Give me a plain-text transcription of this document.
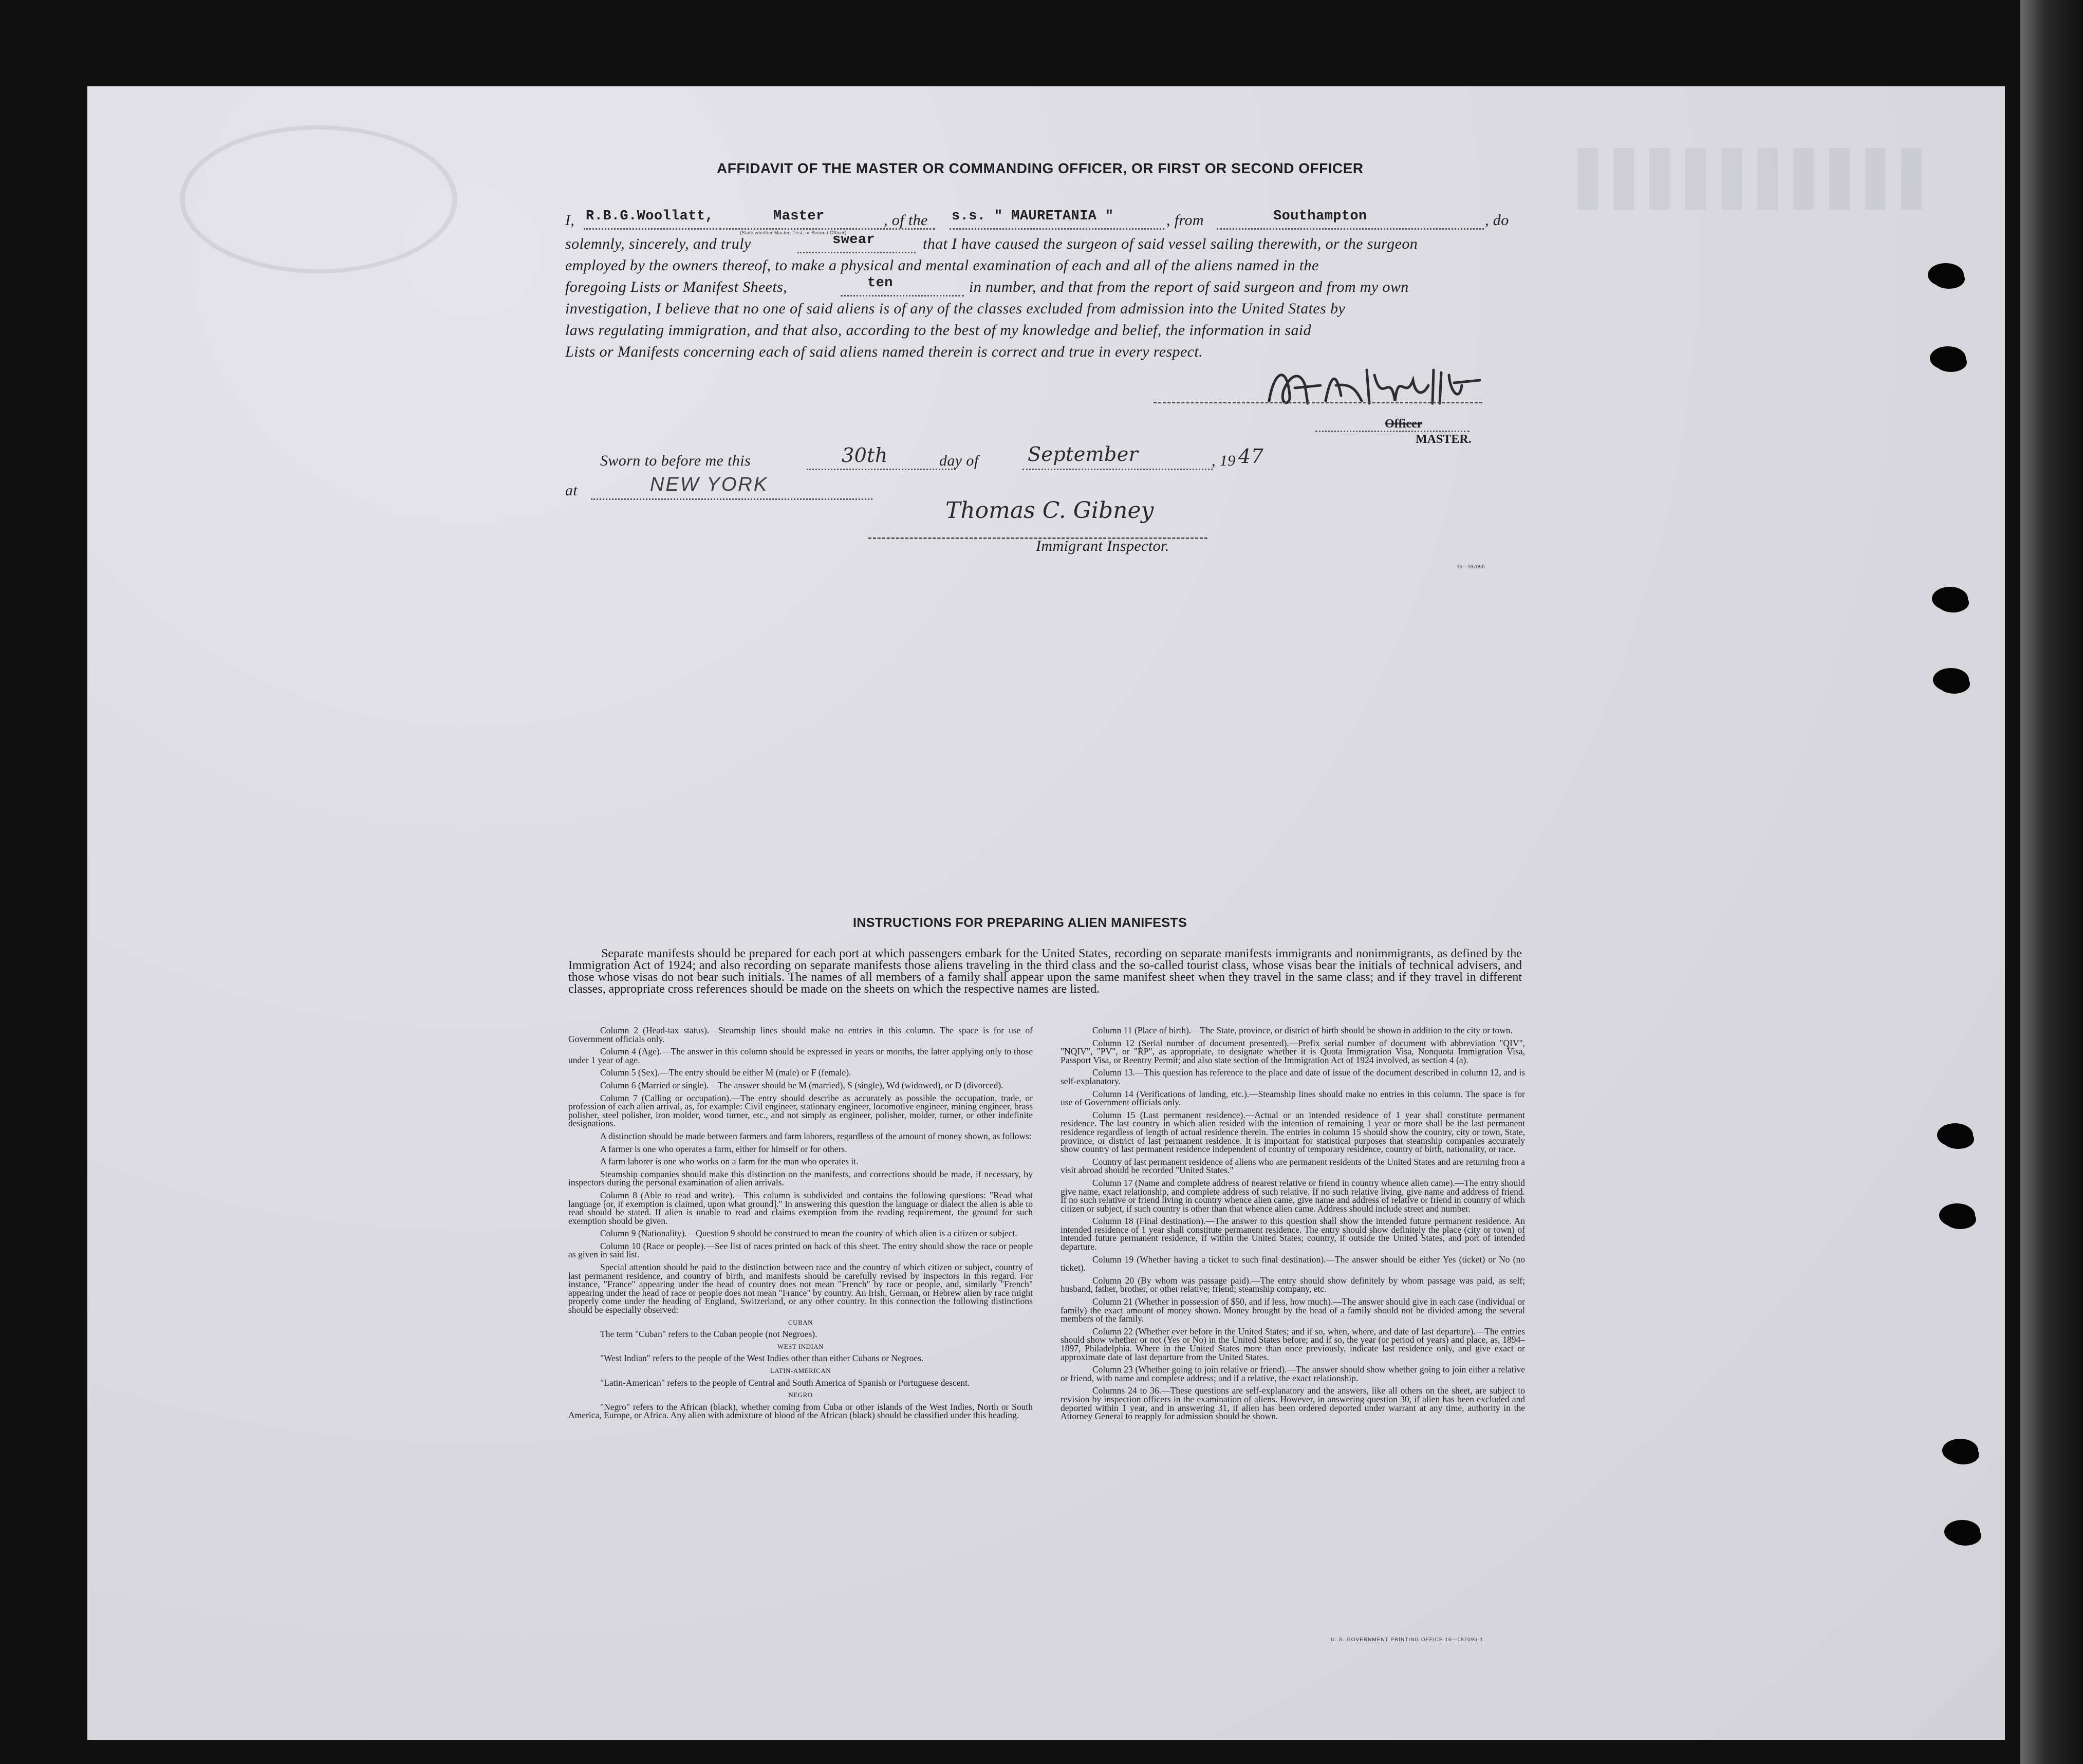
AFFIDAVIT OF THE MASTER OR COMMANDING OFFICER, OR FIRST OR SECOND OFFICER
I, R.B.G.Woollatt,	Master
(State whether Master, First, or Second Officer)
, of the s.s. " MAURETANIA "	, from	Southampton	, do
solemnly, sincerely, and truly	swear	that I have caused the surgeon of said vessel sailing therewith, or the surgeon
employed by the owners thereof, to make a physical and mental examination of each and all of the aliens named in the
foregoing Lists or Manifest Sheets,	ten	in number, and that from the report of said surgeon and from my own
investigation, I believe that no one of said aliens is of any of the classes excluded from admission into the United States by
laws regulating immigration, and that also, according to the best of my knowledge and belief, the information in said
Lists or Manifests concerning each of said aliens named therein is correct and true in every respect.
Officer
MASTER.
Sworn to before me this	30th	day of	September	, 19 47
at	NEW YORK
Thomas C. Gibney
Immigrant Inspector.
16—18709b
INSTRUCTIONS FOR PREPARING ALIEN MANIFESTS
Separate manifests should be prepared for each port at which passengers embark for the United States, recording on separate manifests immigrants and nonimmigrants, as defined by the Immigration Act of 1924; and also recording on separate manifests those aliens traveling in the third class and the so-called tourist class, whose visas bear the initials of technical advisers, and those whose visas do not bear such initials. The names of all members of a family shall appear upon the same manifest sheet when they travel in the same class; and if they travel in different classes, appropriate cross references should be made on the sheets on which the respective names are listed.

Column 2 (Head-tax status).—Steamship lines should make no entries in this column. The space is for use of Government officials only.

Column 4 (Age).—The answer in this column should be expressed in years or months, the latter applying only to those under 1 year of age.

Column 5 (Sex).—The entry should be either M (male) or F (female).

Column 6 (Married or single).—The answer should be M (married), S (single), Wd (widowed), or D (divorced).

Column 7 (Calling or occupation).—The entry should describe as accurately as possible the occupation, trade, or profession of each alien arrival, as, for example: Civil engineer, stationary engineer, locomotive engineer, mining engineer, brass polisher, steel polisher, iron molder, wood turner, etc., and not simply as engineer, polisher, molder, turner, or other indefinite designations.

A distinction should be made between farmers and farm laborers, regardless of the amount of money shown, as follows:

A farmer is one who operates a farm, either for himself or for others.

A farm laborer is one who works on a farm for the man who operates it.

Steamship companies should make this distinction on the manifests, and corrections should be made, if necessary, by inspectors during the personal examination of alien arrivals.

Column 8 (Able to read and write).—This column is subdivided and contains the following questions: "Read what language [or, if exemption is claimed, upon what ground]." In answering this question the language or dialect the alien is able to read should be stated. If alien is unable to read and claims exemption from the reading requirement, the ground for such exemption should be given.

Column 9 (Nationality).—Question 9 should be construed to mean the country of which alien is a citizen or subject.

Column 10 (Race or people).—See list of races printed on back of this sheet. The entry should show the race or people as given in said list.

Special attention should be paid to the distinction between race and the country of which citizen or subject, country of last permanent residence, and country of birth, and manifests should be carefully revised by inspectors in this regard. For instance, "France" appearing under the head of country does not mean "French" by race or people, and, similarly "French" appearing under the head of race or people does not mean "France" by country. An Irish, German, or Hebrew alien by race might properly come under the heading of England, Switzerland, or any other country. In this connection the following distinctions should be especially observed:

CUBAN

The term "Cuban" refers to the Cuban people (not Negroes).

WEST INDIAN

"West Indian" refers to the people of the West Indies other than either Cubans or Negroes.

LATIN-AMERICAN

"Latin-American" refers to the people of Central and South America of Spanish or Portuguese descent.

NEGRO

"Negro" refers to the African (black), whether coming from Cuba or other islands of the West Indies, North or South America, Europe, or Africa. Any alien with admixture of blood of the African (black) should be classified under this heading.

Column 11 (Place of birth).—The State, province, or district of birth should be shown in addition to the city or town.

Column 12 (Serial number of document presented).—Prefix serial number of document with abbreviation "QIV", "NQIV", "PV", or "RP", as appropriate, to designate whether it is Quota Immigration Visa, Nonquota Immigration Visa, Passport Visa, or Reentry Permit; and also state section of the Immigration Act of 1924 involved, as section 4 (a).

Column 13.—This question has reference to the place and date of issue of the document described in column 12, and is self-explanatory.

Column 14 (Verifications of landing, etc.).—Steamship lines should make no entries in this column. The space is for use of Government officials only.

Column 15 (Last permanent residence).—Actual or an intended residence of 1 year shall constitute permanent residence. The last country in which alien resided with the intention of remaining 1 year or more shall be the last permanent residence regardless of length of actual residence therein. The entries in column 15 should show the country, city or town, State, province, or district of last permanent residence. It is important for statistical purposes that steamship companies accurately show country of last permanent residence independent of country of temporary residence, country of birth, nationality, or race.

Country of last permanent residence of aliens who are permanent residents of the United States and are returning from a visit abroad should be recorded "United States."

Column 17 (Name and complete address of nearest relative or friend in country whence alien came).—The entry should give name, exact relationship, and complete address of such relative. If no such relative living, give name and address of friend. If no such relative or friend living in country whence alien came, give name and address of relative or friend in country of which citizen or subject, if such country is other than that whence alien came. Address should include street and number.

Column 18 (Final destination).—The answer to this question shall show the intended future permanent residence. An intended residence of 1 year shall constitute permanent residence. The entry should show definitely the place (city or town) of intended future permanent residence, if within the United States; country, if outside the United States, and port of intended departure.

Column 19 (Whether having a ticket to such final destination).—The answer should be either Yes (ticket) or No (no ticket).

Column 20 (By whom was passage paid).—The entry should show definitely by whom passage was paid, as self; husband, father, brother, or other relative; friend; steamship company, etc.

Column 21 (Whether in possession of $50, and if less, how much).—The answer should give in each case (individual or family) the exact amount of money shown. Money brought by the head of a family should not be divided among the several members of the family.

Column 22 (Whether ever before in the United States; and if so, when, where, and date of last departure).—The entries should show whether or not (Yes or No) in the United States before; and if so, the year (or period of years) and place, as, 1894–1897, Philadelphia. Where in the United States more than once previously, indicate last residence only, and give exact or approximate date of last departure from the United States.

Column 23 (Whether going to join relative or friend).—The answer should show whether going to join either a relative or friend, with name and complete address; and if a relative, the exact relationship.

Columns 24 to 36.—These questions are self-explanatory and the answers, like all others on the sheet, are subject to revision by inspection officers in the examination of aliens. However, in answering question 30, if alien has been excluded and deported within 1 year, and in answering 31, if alien has been ordered deported under warrant at any time, authority in the Attorney General to reapply for admission should be shown.

U. S. GOVERNMENT PRINTING OFFICE 16—18709b-1
